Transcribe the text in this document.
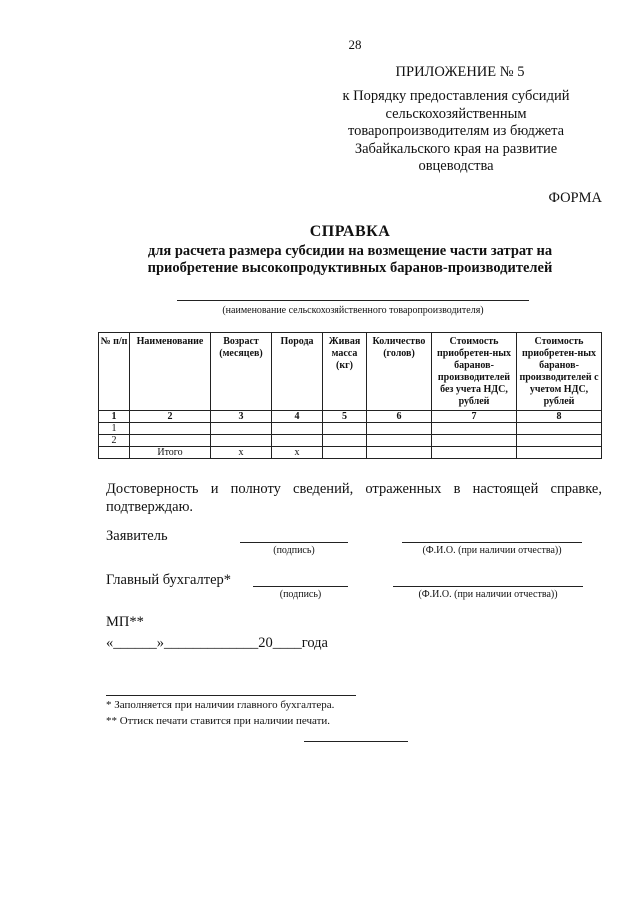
28
ПРИЛОЖЕНИЕ № 5
к Порядку предоставления субсидий
сельскохозяйственным
товаропроизводителям из бюджета
Забайкальского края на развитие
овцеводства
ФОРМА
СПРАВКА
для расчета размера субсидии на возмещение части затрат на
приобретение высокопродуктивных баранов-производителей
(наименование сельскохозяйственного товаропроизводителя)
№ п/п	Наименование	Возраст (месяцев)	Порода	Живая масса (кг)	Количество (голов)	Стоимость приобретен-ных баранов-производителей без учета НДС, рублей	Стоимость приобретен-ных баранов-производителей с учетом НДС, рублей
1	2	3	4	5	6	7	8
1							
2							
	Итого	х	х				
Достоверность и полноту сведений, отраженных в настоящей справке, подтверждаю.
Заявитель
(подпись)	(Ф.И.О. (при наличии отчества))
Главный бухгалтер*
(подпись)	(Ф.И.О. (при наличии отчества))
МП**
«______»_____________20____года
* Заполняется при наличии главного бухгалтера.
** Оттиск печати ставится при наличии печати.
